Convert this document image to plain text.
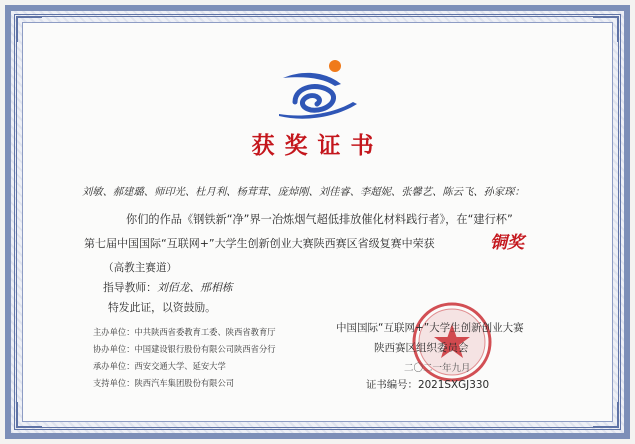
获奖证书
刘敏、郝建璐、师印光、杜月利、杨茸茸、庞焯刚、刘佳睿、李超妮、张馨艺、陈云飞、孙家琛：
你们的作品《钢铁新“净”界一冶炼烟气超低排放催化材料践行者》，在“建行杯”
第七届中国国际“互联网+”大学生创新创业大赛陕西赛区省级复赛中荣获	铜奖
（高教主赛道）
指导教师：刘佰龙、邢相栋
特发此证，以资鼓励。
主办单位：中共陕西省委教育工委、陕西省教育厅
协办单位：中国建设银行股份有限公司陕西省分行
承办单位：西安交通大学、延安大学
支持单位：陕西汽车集团股份有限公司
中国国际“互联网+”大学生创新创业大赛
陕西赛区组织委员会
二〇二一年九月
证书编号：2021SXGJ330
